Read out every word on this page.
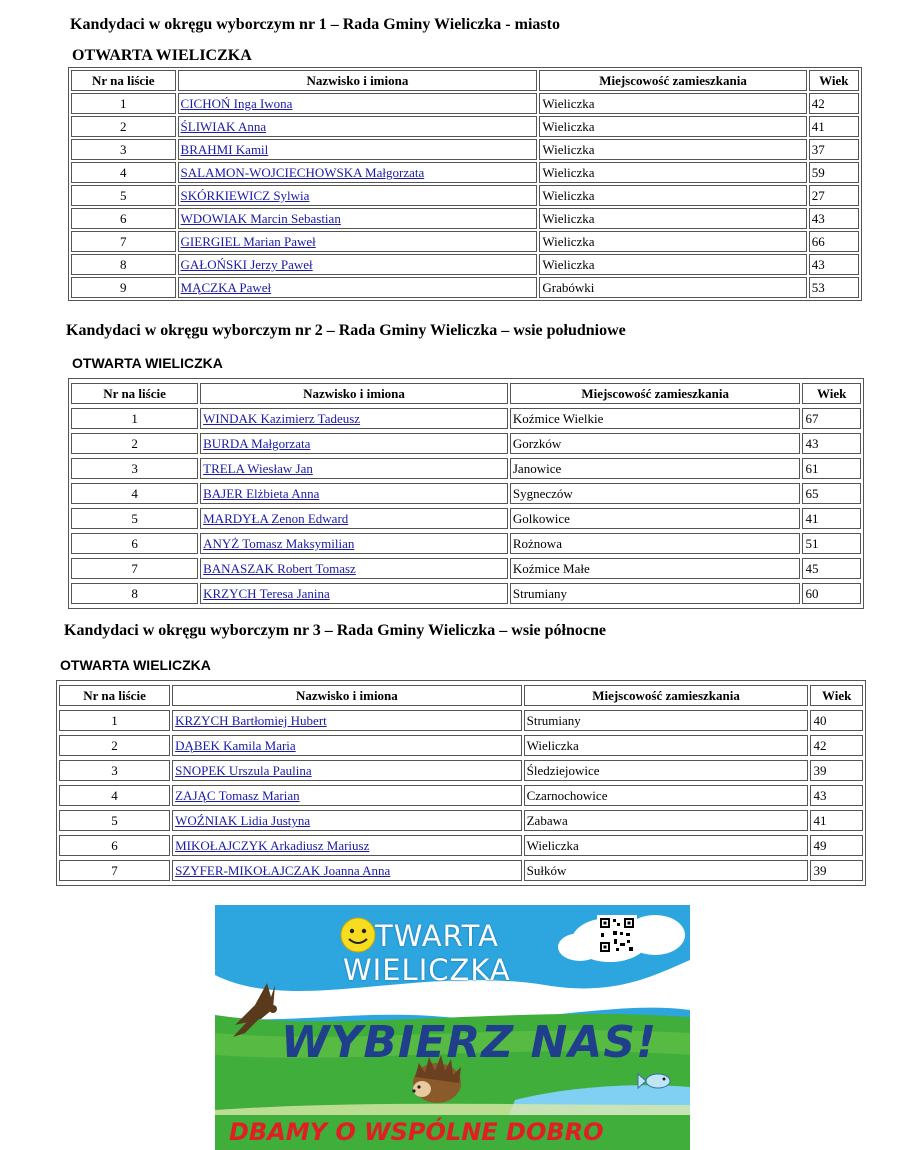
Kandydaci w okręgu wyborczym nr 1 – Rada Gminy Wieliczka - miasto
OTWARTA WIELICZKA
Nr na liście	Nazwisko i imiona	Miejscowość zamieszkania	Wiek
1	CICHOŃ Inga Iwona	Wieliczka	42
2	ŚLIWIAK Anna	Wieliczka	41
3	BRAHMI Kamil	Wieliczka	37
4	SALAMON-WOJCIECHOWSKA Małgorzata	Wieliczka	59
5	SKÓRKIEWICZ Sylwia	Wieliczka	27
6	WDOWIAK Marcin Sebastian	Wieliczka	43
7	GIERGIEL Marian Paweł	Wieliczka	66
8	GAŁOŃSKI Jerzy Paweł	Wieliczka	43
9	MĄCZKA Paweł	Grabówki	53
Kandydaci w okręgu wyborczym nr 2 – Rada Gminy Wieliczka – wsie południowe
OTWARTA WIELICZKA
Nr na liście	Nazwisko i imiona	Miejscowość zamieszkania	Wiek
1	WINDAK Kazimierz Tadeusz	Koźmice Wielkie	67
2	BURDA Małgorzata	Gorzków	43
3	TRELA Wiesław Jan	Janowice	61
4	BAJER Elżbieta Anna	Sygneczów	65
5	MARDYŁA Zenon Edward	Golkowice	41
6	ANYŻ Tomasz Maksymilian	Rożnowa	51
7	BANASZAK Robert Tomasz	Koźmice Małe	45
8	KRZYCH Teresa Janina	Strumiany	60
Kandydaci w okręgu wyborczym nr 3 – Rada Gminy Wieliczka – wsie północne
OTWARTA WIELICZKA
Nr na liście	Nazwisko i imiona	Miejscowość zamieszkania	Wiek
1	KRZYCH Bartłomiej Hubert	Strumiany	40
2	DĄBEK Kamila Maria	Wieliczka	42
3	SNOPEK Urszula Paulina	Śledziejowice	39
4	ZAJĄC Tomasz Marian	Czarnochowice	43
5	WOŹNIAK Lidia Justyna	Zabawa	41
6	MIKOŁAJCZYK Arkadiusz Mariusz	Wieliczka	49
7	SZYFER-MIKOŁAJCZAK Joanna Anna	Sułków	39
TWARTA
WIELICZKA
WYBIERZ NAS!
DBAMY O WSPÓLNE DOBRO
